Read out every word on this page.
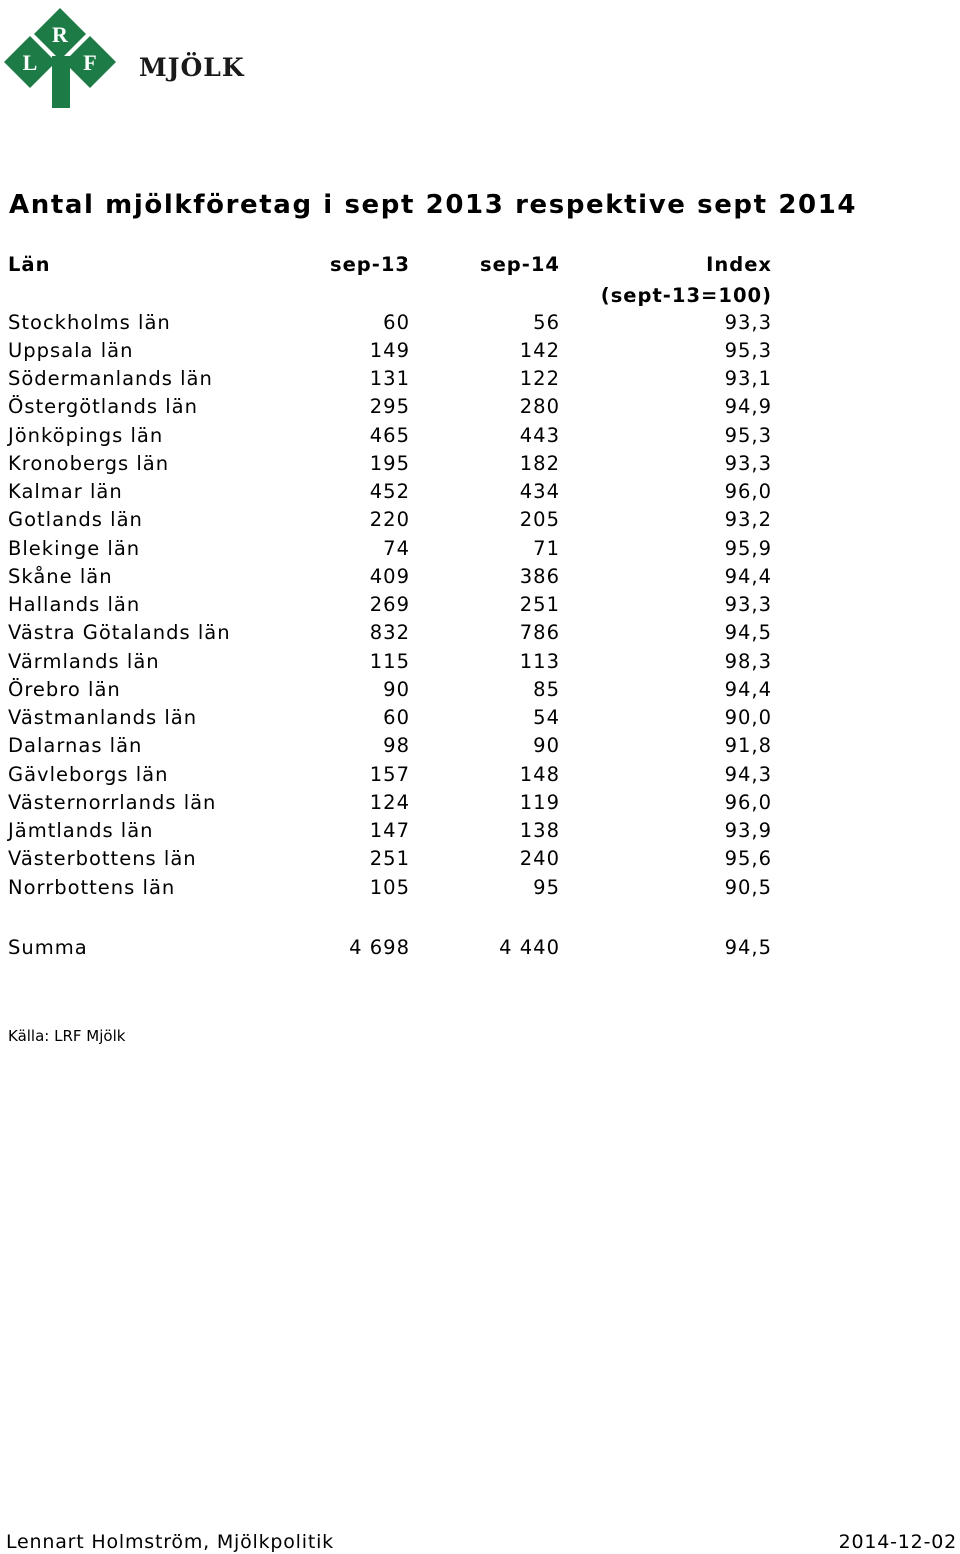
R
L F MJÖLK
Antal mjölkföretag i sept 2013 respektive sept 2014
Län	sep-13	sep-14	Index
(sept-13=100)
Stockholms län	60	56	93,3
Uppsala län	149	142	95,3
Södermanlands län	131	122	93,1
Östergötlands län	295	280	94,9
Jönköpings län	465	443	95,3
Kronobergs län	195	182	93,3
Kalmar län	452	434	96,0
Gotlands län	220	205	93,2
Blekinge län	74	71	95,9
Skåne län	409	386	94,4
Hallands län	269	251	93,3
Västra Götalands län	832	786	94,5
Värmlands län	115	113	98,3
Örebro län	90	85	94,4
Västmanlands län	60	54	90,0
Dalarnas län	98	90	91,8
Gävleborgs län	157	148	94,3
Västernorrlands län	124	119	96,0
Jämtlands län	147	138	93,9
Västerbottens län	251	240	95,6
Norrbottens län	105	95	90,5
Summa	4 698	4 440	94,5
Källa: LRF Mjölk
Lennart Holmström, Mjölkpolitik	2014-12-02
